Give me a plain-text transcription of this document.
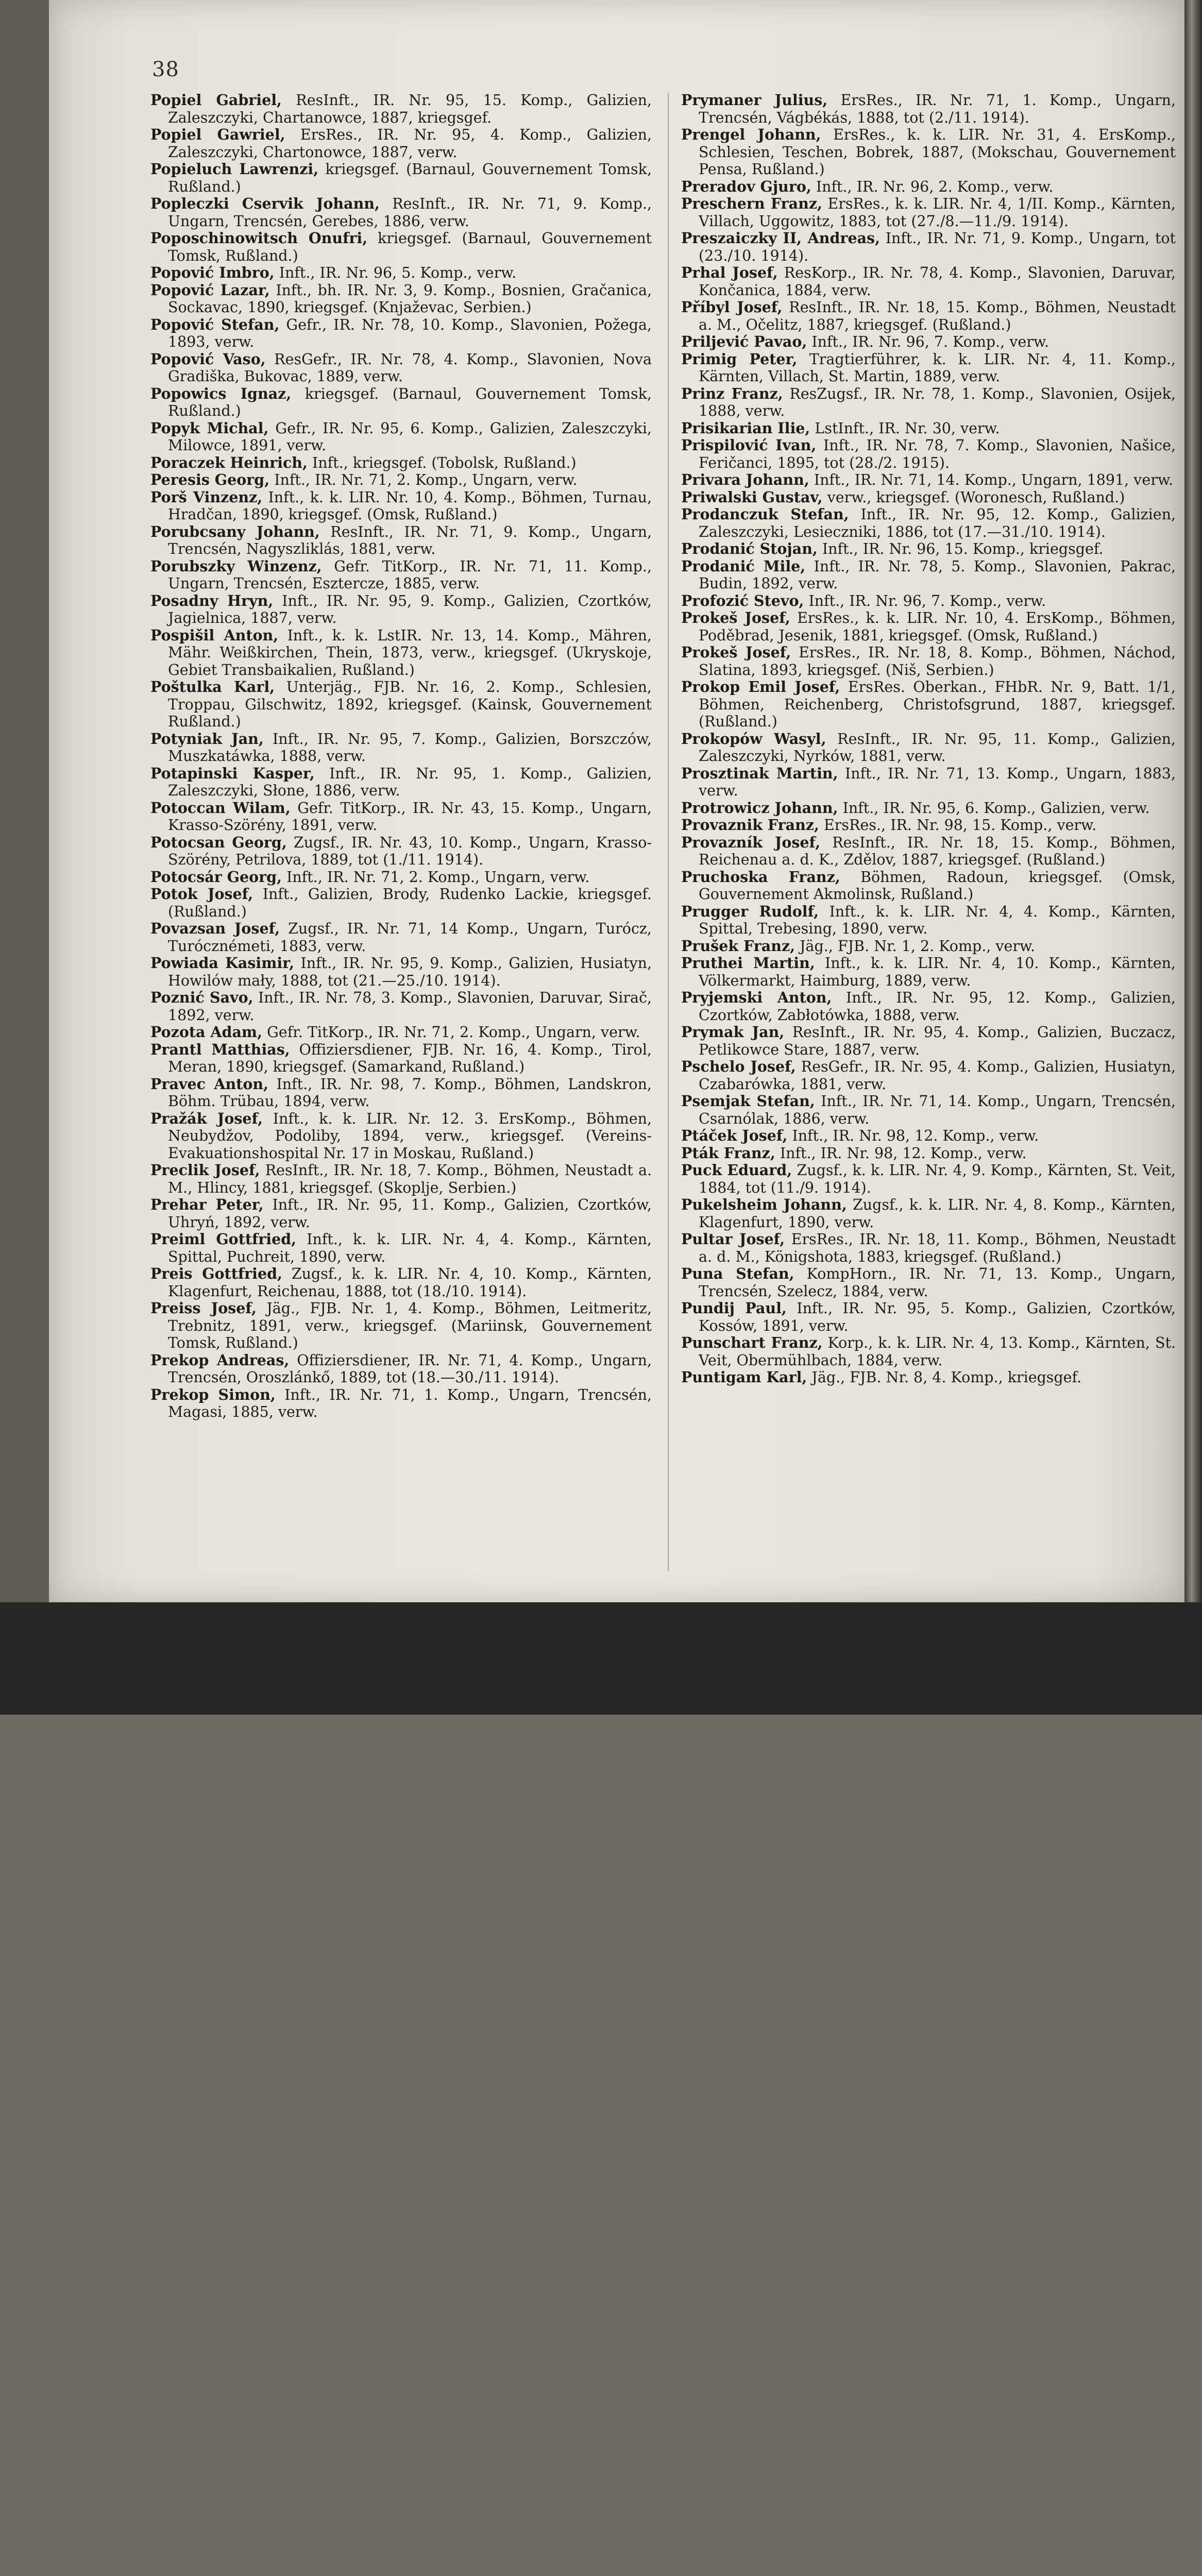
38

Popiel Gabriel, ResInft., IR. Nr. 95, 15. Komp., Galizien, Zaleszczyki, Chartanowce, 1887, kriegsgef.

Popiel Gawriel, ErsRes., IR. Nr. 95, 4. Komp., Galizien, Zaleszczyki, Chartonowce, 1887, verw.

Popieluch Lawrenzi, kriegsgef. (Barnaul, Gouvernement Tomsk, Rußland.)

Popleczki Cservik Johann, ResInft., IR. Nr. 71, 9. Komp., Ungarn, Trencsén, Gerebes, 1886, verw.

Poposchinowitsch Onufri, kriegsgef. (Barnaul, Gouvernement Tomsk, Rußland.)

Popović Imbro, Inft., IR. Nr. 96, 5. Komp., verw.

Popović Lazar, Inft., bh. IR. Nr. 3, 9. Komp., Bosnien, Gračanica, Sockavac, 1890, kriegsgef. (Knjaževac, Serbien.)

Popović Stefan, Gefr., IR. Nr. 78, 10. Komp., Slavonien, Požega, 1893, verw.

Popović Vaso, ResGefr., IR. Nr. 78, 4. Komp., Slavonien, Nova Gradiška, Bukovac, 1889, verw.

Popowics Ignaz, kriegsgef. (Barnaul, Gouvernement Tomsk, Rußland.)

Popyk Michal, Gefr., IR. Nr. 95, 6. Komp., Galizien, Zaleszczyki, Milowce, 1891, verw.

Poraczek Heinrich, Inft., kriegsgef. (Tobolsk, Rußland.)

Peresis Georg, Inft., IR. Nr. 71, 2. Komp., Ungarn, verw.

Porš Vinzenz, Inft., k. k. LIR. Nr. 10, 4. Komp., Böhmen, Turnau, Hradčan, 1890, kriegsgef. (Omsk, Rußland.)

Porubcsany Johann, ResInft., IR. Nr. 71, 9. Komp., Ungarn, Trencsén, Nagyszliklás, 1881, verw.

Porubszky Winzenz, Gefr. TitKorp., IR. Nr. 71, 11. Komp., Ungarn, Trencsén, Esztercze, 1885, verw.

Posadny Hryn, Inft., IR. Nr. 95, 9. Komp., Galizien, Czortków, Jagielnica, 1887, verw.

Pospišil Anton, Inft., k. k. LstIR. Nr. 13, 14. Komp., Mähren, Mähr. Weißkirchen, Thein, 1873, verw., kriegsgef. (Ukryskoje, Gebiet Transbaikalien, Rußland.)

Poštulka Karl, Unterjäg., FJB. Nr. 16, 2. Komp., Schlesien, Troppau, Gilschwitz, 1892, kriegsgef. (Kainsk, Gouvernement Rußland.)

Potyniak Jan, Inft., IR. Nr. 95, 7. Komp., Galizien, Borszczów, Muszkatáwka, 1888, verw.

Potapinski Kasper, Inft., IR. Nr. 95, 1. Komp., Galizien, Zaleszczyki, Słone, 1886, verw.

Potoccan Wilam, Gefr. TitKorp., IR. Nr. 43, 15. Komp., Ungarn, Krasso-Szörény, 1891, verw.

Potocsan Georg, Zugsf., IR. Nr. 43, 10. Komp., Ungarn, Krasso-Szörény, Petrilova, 1889, tot (1./11. 1914).

Potocsár Georg, Inft., IR. Nr. 71, 2. Komp., Ungarn, verw.

Potok Josef, Inft., Galizien, Brody, Rudenko Lackie, kriegsgef. (Rußland.)

Povazsan Josef, Zugsf., IR. Nr. 71, 14 Komp., Ungarn, Turócz, Turócznémeti, 1883, verw.

Powiada Kasimir, Inft., IR. Nr. 95, 9. Komp., Galizien, Husiatyn, Howilów mały, 1888, tot (21.—25./10. 1914).

Poznić Savo, Inft., IR. Nr. 78, 3. Komp., Slavonien, Daruvar, Sirač, 1892, verw.

Pozota Adam, Gefr. TitKorp., IR. Nr. 71, 2. Komp., Ungarn, verw.

Prantl Matthias, Offiziersdiener, FJB. Nr. 16, 4. Komp., Tirol, Meran, 1890, kriegsgef. (Samarkand, Rußland.)

Pravec Anton, Inft., IR. Nr. 98, 7. Komp., Böhmen, Landskron, Böhm. Trübau, 1894, verw.

Pražák Josef, Inft., k. k. LIR. Nr. 12. 3. ErsKomp., Böhmen, Neubydžov, Podoliby, 1894, verw., kriegsgef. (Vereins-Evakuationshospital Nr. 17 in Moskau, Rußland.)

Preclik Josef, ResInft., IR. Nr. 18, 7. Komp., Böhmen, Neustadt a. M., Hlincy, 1881, kriegsgef. (Skoplje, Serbien.)

Prehar Peter, Inft., IR. Nr. 95, 11. Komp., Galizien, Czortków, Uhryń, 1892, verw.

Preiml Gottfried, Inft., k. k. LIR. Nr. 4, 4. Komp., Kärnten, Spittal, Puchreit, 1890, verw.

Preis Gottfried, Zugsf., k. k. LIR. Nr. 4, 10. Komp., Kärnten, Klagenfurt, Reichenau, 1888, tot (18./10. 1914).

Preiss Josef, Jäg., FJB. Nr. 1, 4. Komp., Böhmen, Leitmeritz, Trebnitz, 1891, verw., kriegsgef. (Mariinsk, Gouvernement Tomsk, Rußland.)

Prekop Andreas, Offiziersdiener, IR. Nr. 71, 4. Komp., Ungarn, Trencsén, Oroszlánkő, 1889, tot (18.—30./11. 1914).

Prekop Simon, Inft., IR. Nr. 71, 1. Komp., Ungarn, Trencsén, Magasi, 1885, verw.

Prymaner Julius, ErsRes., IR. Nr. 71, 1. Komp., Ungarn, Trencsén, Vágbékás, 1888, tot (2./11. 1914).

Prengel Johann, ErsRes., k. k. LIR. Nr. 31, 4. ErsKomp., Schlesien, Teschen, Bobrek, 1887, (Mokschau, Gouvernement Pensa, Rußland.)

Preradov Gjuro, Inft., IR. Nr. 96, 2. Komp., verw.

Preschern Franz, ErsRes., k. k. LIR. Nr. 4, 1/II. Komp., Kärnten, Villach, Uggowitz, 1883, tot (27./8.—11./9. 1914).

Preszaiczky II, Andreas, Inft., IR. Nr. 71, 9. Komp., Ungarn, tot (23./10. 1914).

Prhal Josef, ResKorp., IR. Nr. 78, 4. Komp., Slavonien, Daruvar, Končanica, 1884, verw.

Příbyl Josef, ResInft., IR. Nr. 18, 15. Komp., Böhmen, Neustadt a. M., Očelitz, 1887, kriegsgef. (Rußland.)

Priljević Pavao, Inft., IR. Nr. 96, 7. Komp., verw.

Primig Peter, Tragtierführer, k. k. LIR. Nr. 4, 11. Komp., Kärnten, Villach, St. Martin, 1889, verw.

Prinz Franz, ResZugsf., IR. Nr. 78, 1. Komp., Slavonien, Osijek, 1888, verw.

Prisikarian Ilie, LstInft., IR. Nr. 30, verw.

Prispilović Ivan, Inft., IR. Nr. 78, 7. Komp., Slavonien, Našice, Feričanci, 1895, tot (28./2. 1915).

Privara Johann, Inft., IR. Nr. 71, 14. Komp., Ungarn, 1891, verw.

Priwalski Gustav, verw., kriegsgef. (Woronesch, Rußland.)

Prodanczuk Stefan, Inft., IR. Nr. 95, 12. Komp., Galizien, Zaleszczyki, Lesieczniki, 1886, tot (17.—31./10. 1914).

Prodanić Stojan, Inft., IR. Nr. 96, 15. Komp., kriegsgef.

Prodanić Mile, Inft., IR. Nr. 78, 5. Komp., Slavonien, Pakrac, Budin, 1892, verw.

Profozić Stevo, Inft., IR. Nr. 96, 7. Komp., verw.

Prokeš Josef, ErsRes., k. k. LIR. Nr. 10, 4. ErsKomp., Böhmen, Poděbrad, Jesenik, 1881, kriegsgef. (Omsk, Rußland.)

Prokeš Josef, ErsRes., IR. Nr. 18, 8. Komp., Böhmen, Náchod, Slatina, 1893, kriegsgef. (Niš, Serbien.)

Prokop Emil Josef, ErsRes. Oberkan., FHbR. Nr. 9, Batt. 1/1, Böhmen, Reichenberg, Christofsgrund, 1887, kriegsgef. (Rußland.)

Prokopów Wasyl, ResInft., IR. Nr. 95, 11. Komp., Galizien, Zaleszczyki, Nyrków, 1881, verw.

Prosztinak Martin, Inft., IR. Nr. 71, 13. Komp., Ungarn, 1883, verw.

Protrowicz Johann, Inft., IR. Nr. 95, 6. Komp., Galizien, verw.

Provaznik Franz, ErsRes., IR. Nr. 98, 15. Komp., verw.

Provazník Josef, ResInft., IR. Nr. 18, 15. Komp., Böhmen, Reichenau a. d. K., Zdělov, 1887, kriegsgef. (Rußland.)

Pruchoska Franz, Böhmen, Radoun, kriegsgef. (Omsk, Gouvernement Akmolinsk, Rußland.)

Prugger Rudolf, Inft., k. k. LIR. Nr. 4, 4. Komp., Kärnten, Spittal, Trebesing, 1890, verw.

Prušek Franz, Jäg., FJB. Nr. 1, 2. Komp., verw.

Pruthei Martin, Inft., k. k. LIR. Nr. 4, 10. Komp., Kärnten, Völkermarkt, Haimburg, 1889, verw.

Pryjemski Anton, Inft., IR. Nr. 95, 12. Komp., Galizien, Czortków, Zabłotówka, 1888, verw.

Prymak Jan, ResInft., IR. Nr. 95, 4. Komp., Galizien, Buczacz, Petlikowce Stare, 1887, verw.

Pschelo Josef, ResGefr., IR. Nr. 95, 4. Komp., Galizien, Husiatyn, Czabarówka, 1881, verw.

Psemjak Stefan, Inft., IR. Nr. 71, 14. Komp., Ungarn, Trencsén, Csarnólak, 1886, verw.

Ptáček Josef, Inft., IR. Nr. 98, 12. Komp., verw.

Pták Franz, Inft., IR. Nr. 98, 12. Komp., verw.

Puck Eduard, Zugsf., k. k. LIR. Nr. 4, 9. Komp., Kärnten, St. Veit, 1884, tot (11./9. 1914).

Pukelsheim Johann, Zugsf., k. k. LIR. Nr. 4, 8. Komp., Kärnten, Klagenfurt, 1890, verw.

Pultar Josef, ErsRes., IR. Nr. 18, 11. Komp., Böhmen, Neustadt a. d. M., Königshota, 1883, kriegsgef. (Rußland.)

Puna Stefan, KompHorn., IR. Nr. 71, 13. Komp., Ungarn, Trencsén, Szelecz, 1884, verw.

Pundij Paul, Inft., IR. Nr. 95, 5. Komp., Galizien, Czortków, Kossów, 1891, verw.

Punschart Franz, Korp., k. k. LIR. Nr. 4, 13. Komp., Kärnten, St. Veit, Obermühlbach, 1884, verw.

Puntigam Karl, Jäg., FJB. Nr. 8, 4. Komp., kriegsgef.
